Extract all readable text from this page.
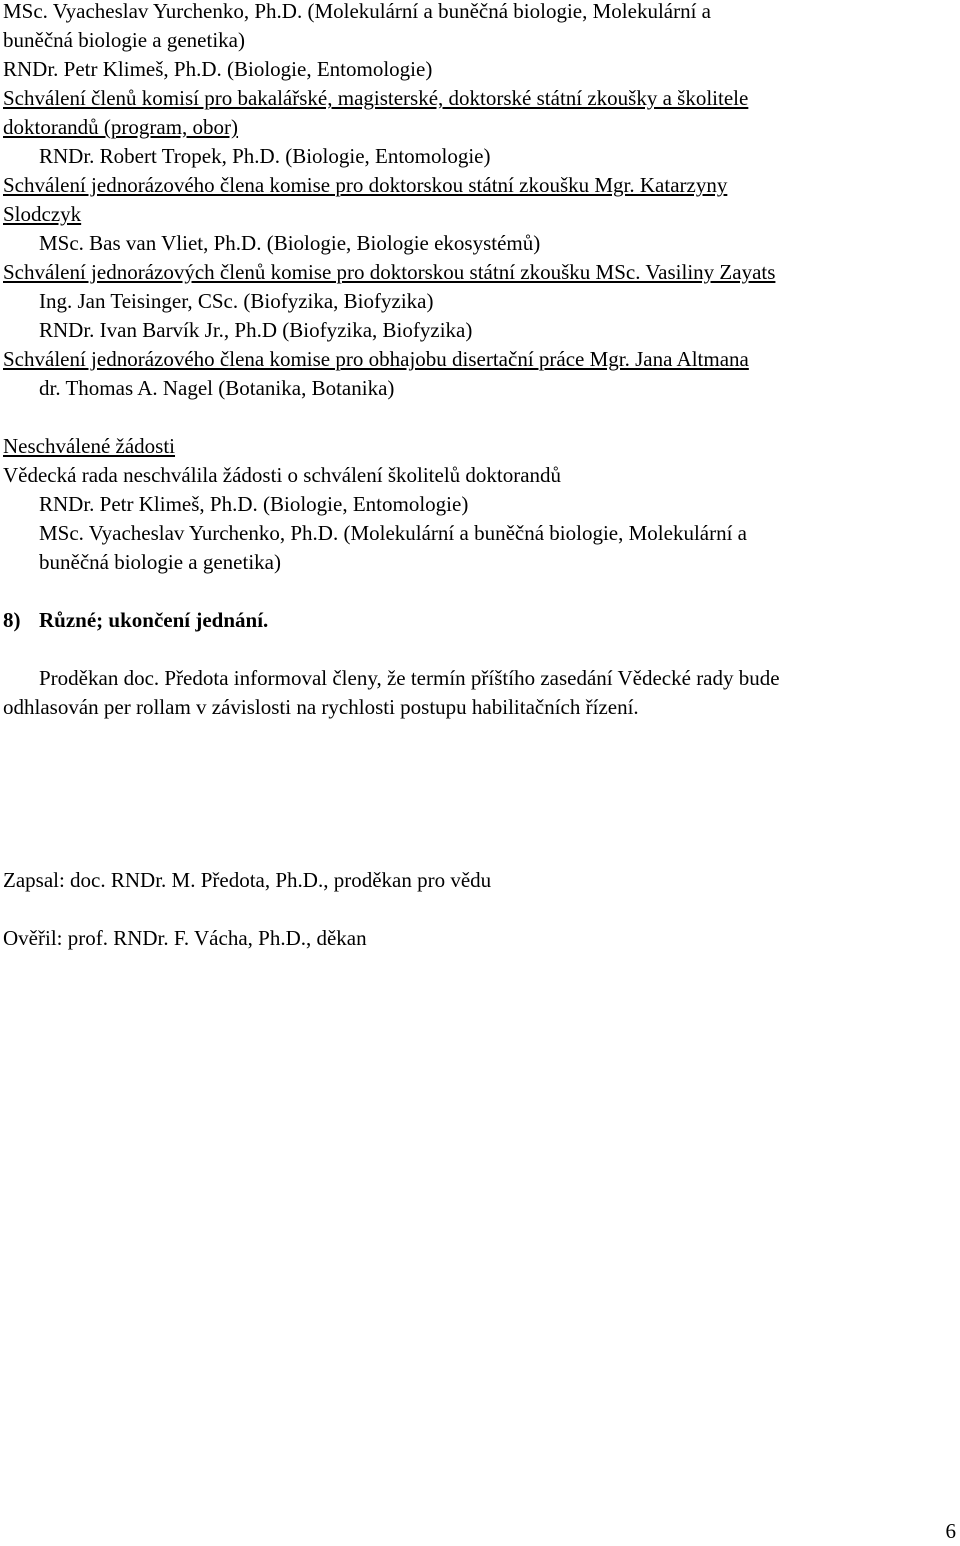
MSc. Vyacheslav Yurchenko, Ph.D. (Molekulární a buněčná biologie, Molekulární a

buněčná biologie a genetika)

RNDr. Petr Klimeš, Ph.D. (Biologie, Entomologie)

Schválení členů komisí pro bakalářské, magisterské, doktorské státní zkoušky a školitele

doktorandů (program, obor)

RNDr. Robert Tropek, Ph.D. (Biologie, Entomologie)

Schválení jednorázového člena komise pro doktorskou státní zkoušku Mgr. Katarzyny

Slodczyk

MSc. Bas van Vliet, Ph.D. (Biologie, Biologie ekosystémů)

Schválení jednorázových členů komise pro doktorskou státní zkoušku MSc. Vasiliny Zayats

Ing. Jan Teisinger, CSc. (Biofyzika, Biofyzika)

RNDr. Ivan Barvík Jr., Ph.D (Biofyzika, Biofyzika)

Schválení jednorázového člena komise pro obhajobu disertační práce Mgr. Jana Altmana

dr. Thomas A. Nagel (Botanika, Botanika)

Neschválené žádosti

Vědecká rada neschválila žádosti o schválení školitelů doktorandů

RNDr. Petr Klimeš, Ph.D. (Biologie, Entomologie)

MSc. Vyacheslav Yurchenko, Ph.D. (Molekulární a buněčná biologie, Molekulární a

buněčná biologie a genetika)

8) Různé; ukončení jednání.

Proděkan doc. Předota informoval členy, že termín příštího zasedání Vědecké rady bude

odhlasován per rollam v závislosti na rychlosti postupu habilitačních řízení.

Zapsal: doc. RNDr. M. Předota, Ph.D., proděkan pro vědu

Ověřil: prof. RNDr. F. Vácha, Ph.D., děkan

6
